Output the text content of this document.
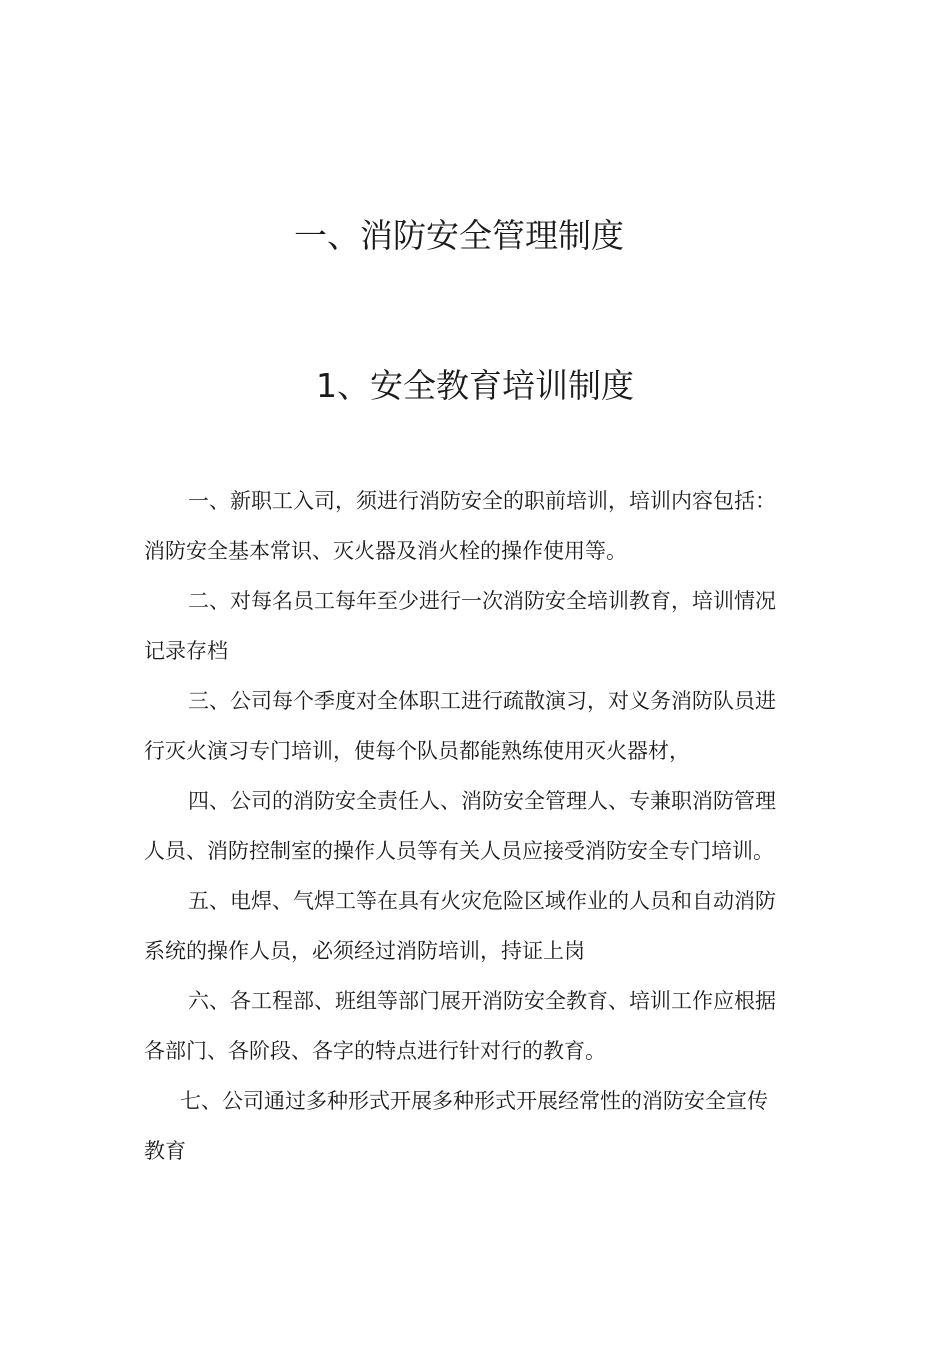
一、消防安全管理制度
1、安全教育培训制度

一、新职工入司，须进行消防安全的职前培训，培训内容包括：消防安全基本常识、灭火器及消火栓的操作使用等。

二、对每名员工每年至少进行一次消防安全培训教育，培训情况记录存档

三、公司每个季度对全体职工进行疏散演习，对义务消防队员进行灭火演习专门培训，使每个队员都能熟练使用灭火器材，

四、公司的消防安全责任人、消防安全管理人、专兼职消防管理人员、消防控制室的操作人员等有关人员应接受消防安全专门培训。

五、电焊、气焊工等在具有火灾危险区域作业的人员和自动消防系统的操作人员，必须经过消防培训，持证上岗

六、各工程部、班组等部门展开消防安全教育、培训工作应根据各部门、各阶段、各字的特点进行针对行的教育。

七、公司通过多种形式开展多种形式开展经常性的消防安全宣传教育
